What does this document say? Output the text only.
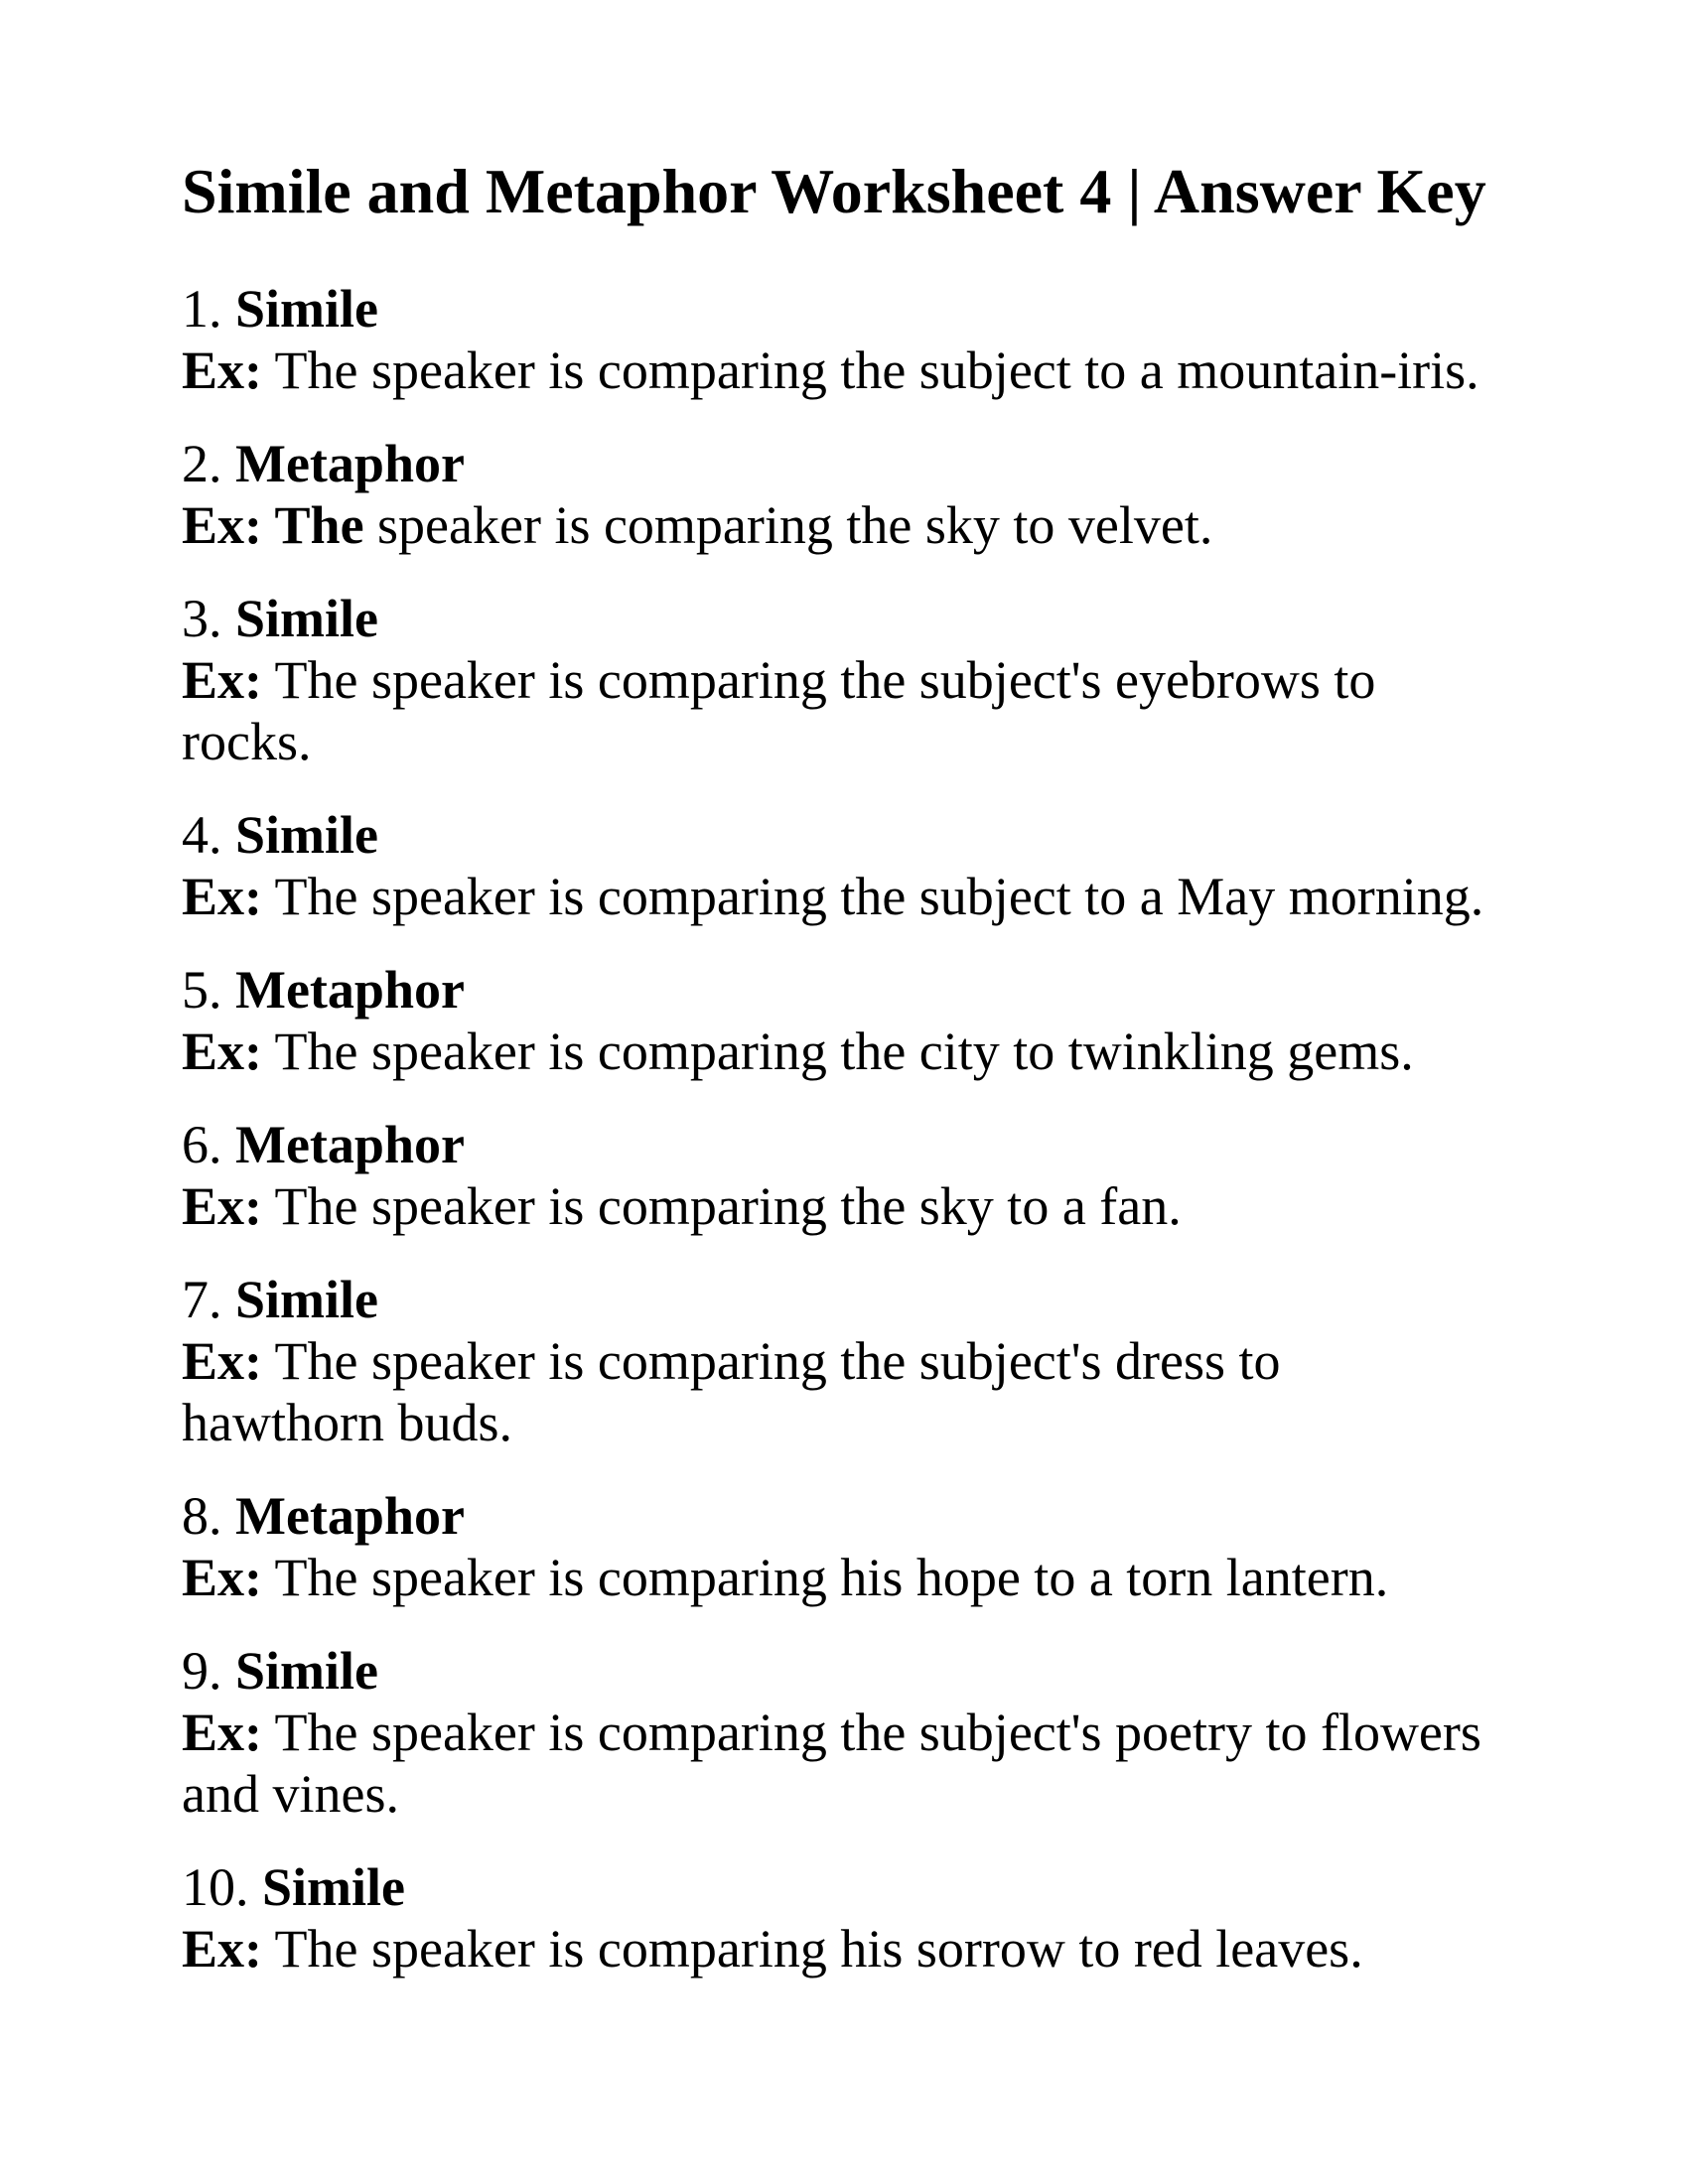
Simile and Metaphor Worksheet 4 | Answer Key

1. Simile

Ex: The speaker is comparing the subject to a mountain-iris.

2. Metaphor

Ex: The speaker is comparing the sky to velvet.

3. Simile

Ex: The speaker is comparing the subject's eyebrows to rocks.

4. Simile

Ex: The speaker is comparing the subject to a May morning.

5. Metaphor

Ex: The speaker is comparing the city to twinkling gems.

6. Metaphor

Ex: The speaker is comparing the sky to a fan.

7. Simile

Ex: The speaker is comparing the subject's dress to hawthorn buds.

8. Metaphor

Ex: The speaker is comparing his hope to a torn lantern.

9. Simile

Ex: The speaker is comparing the subject's poetry to flowers and vines.

10. Simile

Ex: The speaker is comparing his sorrow to red leaves.
